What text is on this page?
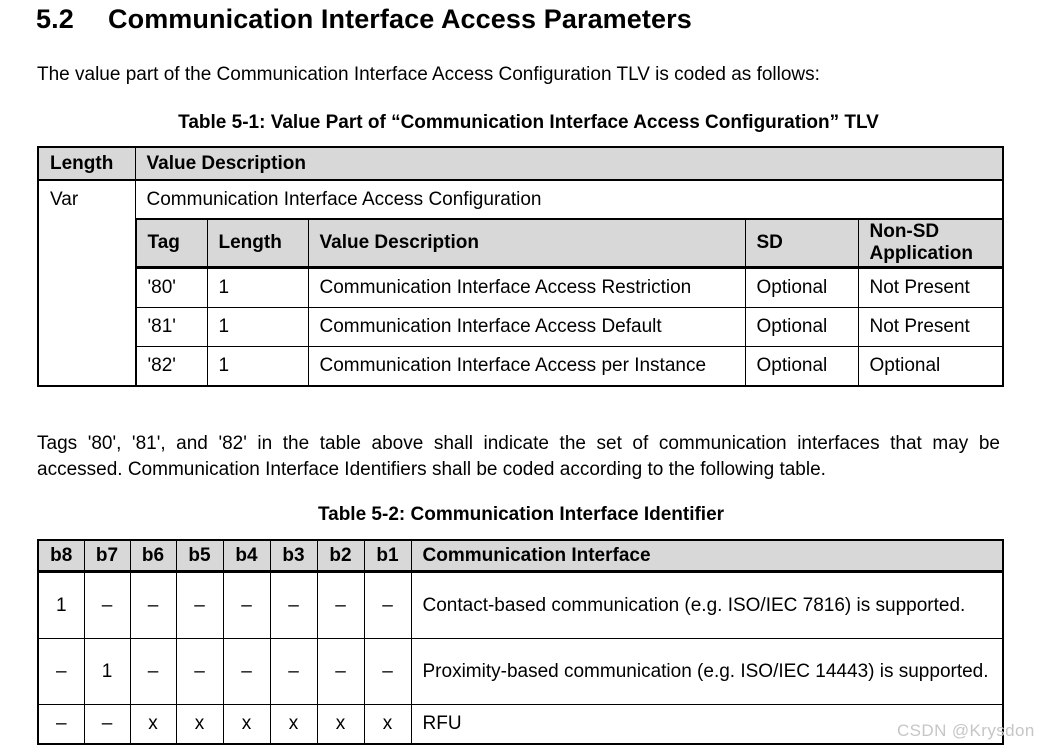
5.2 Communication Interface Access Parameters
The value part of the Communication Interface Access Configuration TLV is coded as follows:
Table 5-1: Value Part of “Communication Interface Access Configuration” TLV
Length	Value Description
Var	Communication Interface Access Configuration

Tag	Length	Value Description	SD	Non-SD Application
'80'	1	Communication Interface Access Restriction	Optional	Not Present
'81'	1	Communication Interface Access Default	Optional	Not Present
'82'	1	Communication Interface Access per Instance	Optional	Optional
Tags '80', '81', and '82' in the table above shall indicate the set of communication interfaces that may be
accessed. Communication Interface Identifiers shall be coded according to the following table.
Table 5-2: Communication Interface Identifier
b8	b7	b6	b5	b4	b3	b2	b1	Communication Interface
1	–	–	–	–	–	–	–	Contact-based communication (e.g. ISO/IEC 7816) is supported.
–	1	–	–	–	–	–	–	Proximity-based communication (e.g. ISO/IEC 14443) is supported.
–	–	x	x	x	x	x	x	RFU	CSDN @Krysdon
